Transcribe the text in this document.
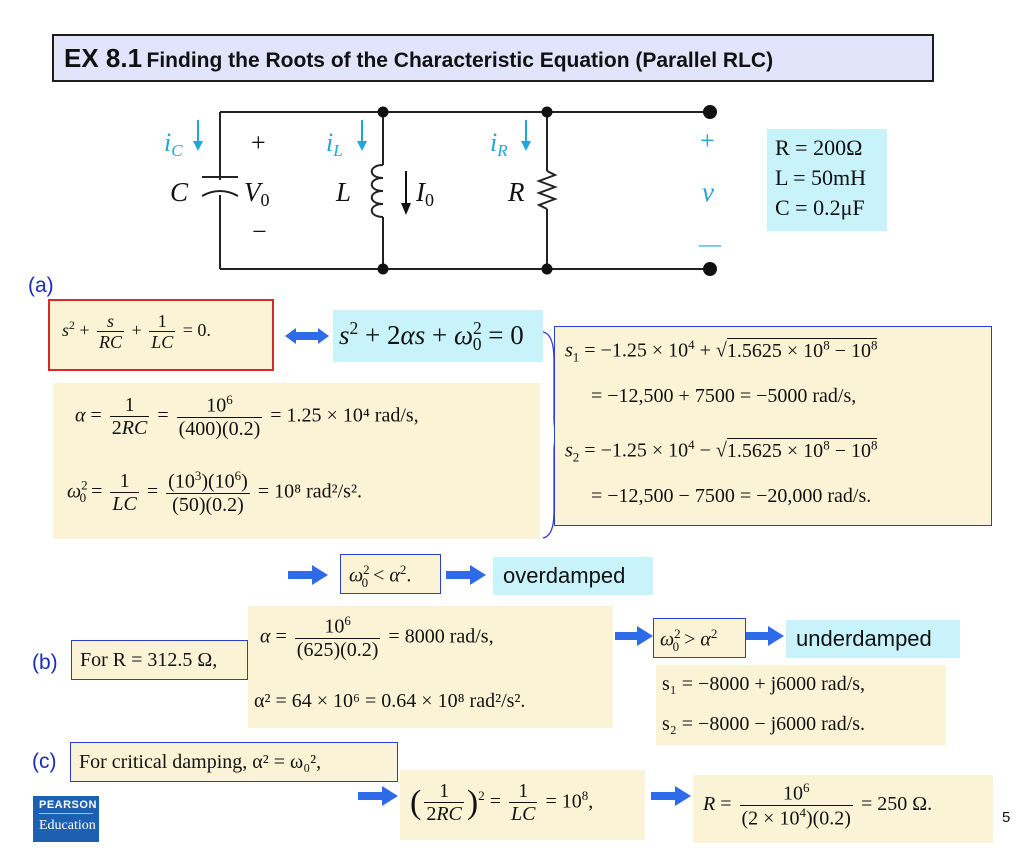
EX 8.1 Finding the Roots of the Characteristic Equation (Parallel RLC)
iC	iL	iR
C V0 L I0	R	v
+
−
+
—
R = 200Ω
L = 50mH
C = 0.2μF
(a)
$s^2 + \frac{s}{RC} + \frac{1}{LC} = 0$.	$s^2 + 2\alpha s + \omega^2_0 = 0$
$\alpha = \frac{1}{2RC} = \frac{10^6}{(400)(0.2)} = 1.25 \times 10^4$ rad/s,
$\omega^2_0 = \frac{1}{LC} = \frac{(10^3)(10^6)}{(50)(0.2)} = 10^8$ rad²/s².
$s_1 = -1.25 \times 10^4 + √1.5625 \times 10^8 - 10^8$
= −12,500 + 7500 = −5000 rad/s,
$s_2 = -1.25 \times 10^4 - √1.5625 \times 10^8 - 10^8$
= −12,500 − 7500 = −20,000 rad/s.
$\omega^2_0 < \alpha^2$.	overdamped
(b) For R = 312.5 Ω,
$\alpha = \frac{10^6}{(625)(0.2)} = 8000$ rad/s,
α² = 64 × 10⁶ = 0.64 × 10⁸ rad²/s².
$\omega^2_0 > \alpha^2$	underdamped
s₁ = −8000 + j6000 rad/s,
s₂ = −8000 − j6000 rad/s.
(c) For critical damping, α² = ω₀²,
( $\frac{1}{2RC} )^2 = \frac{1}{LC} = 10^8$,	$R = \frac{10^6}{(2 \times 10^4)(0.2)} = 250$ Ω.
5
PEARSON
Education
